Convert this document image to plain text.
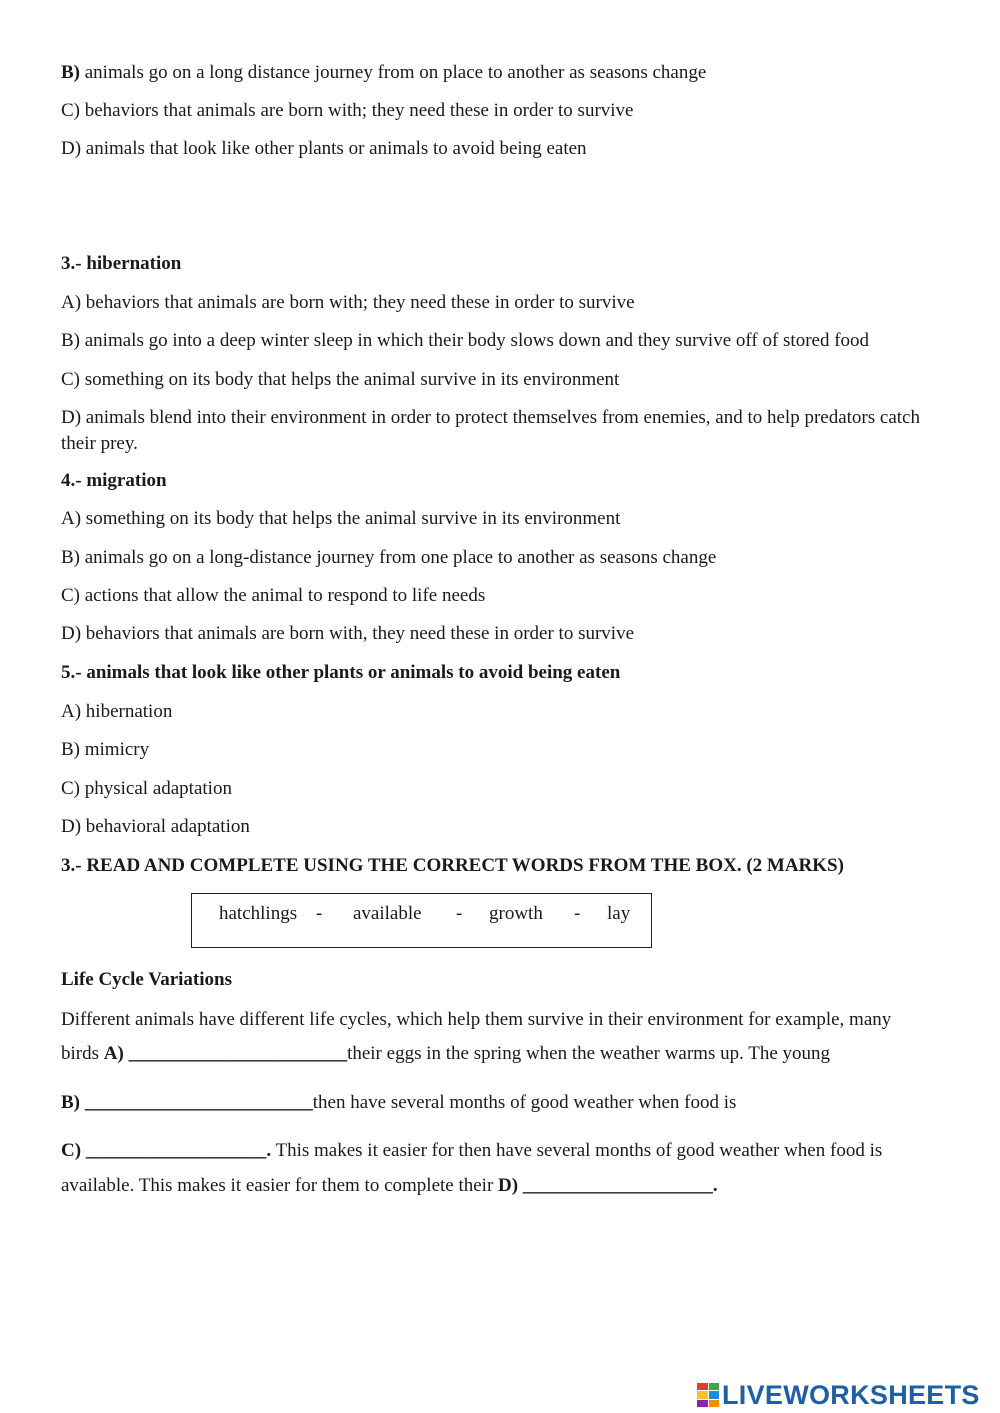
B) animals go on a long distance journey from on place to another as seasons change
C) behaviors that animals are born with; they need these in order to survive
D) animals that look like other plants or animals to avoid being eaten
3.- hibernation
A) behaviors that animals are born with; they need these in order to survive
B) animals go into a deep winter sleep in which their body slows down and they survive off of stored food
C) something on its body that helps the animal survive in its environment
D) animals blend into their environment in order to protect themselves from enemies, and to help predators catch their prey.
4.- migration
A) something on its body that helps the animal survive in its environment
B) animals go on a long-distance journey from one place to another as seasons change
C) actions that allow the animal to respond to life needs
D) behaviors that animals are born with, they need these in order to survive
5.- animals that look like other plants or animals to avoid being eaten
A) hibernation
B) mimicry
C) physical adaptation
D) behavioral adaptation
3.- READ AND COMPLETE USING THE CORRECT WORDS FROM THE BOX. (2 MARKS)
hatchlings - available - growth - lay
Life Cycle Variations
Different animals have different life cycles, which help them survive in their environment for example, many
birds A) _______________________their eggs in the spring when the weather warms up. The young
B) ________________________then have several months of good weather when food is
C) ___________________. This makes it easier for then have several months of good weather when food is
available. This makes it easier for them to complete their D) ____________________.
LIVEWORKSHEETS
